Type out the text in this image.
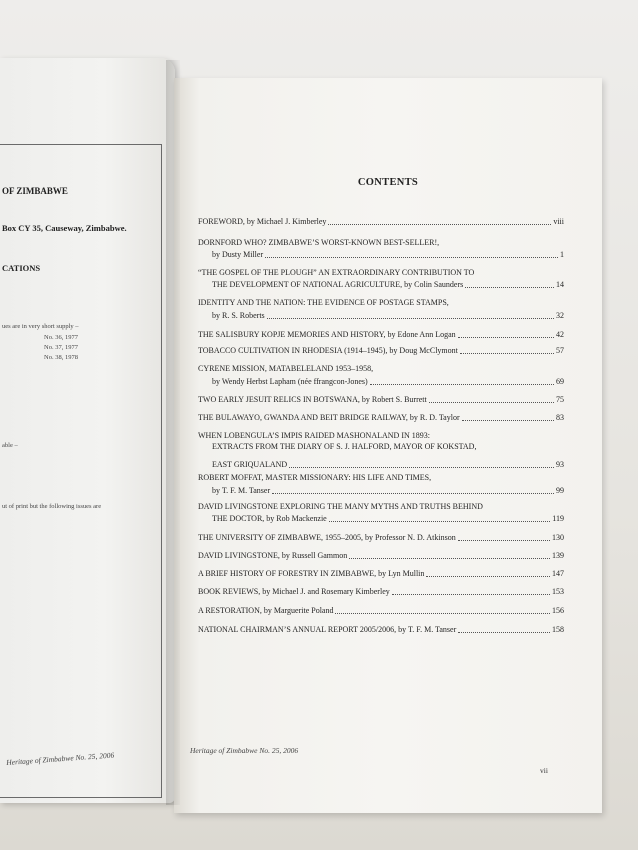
OF ZIMBABWE
Box CY 35, Causeway, Zimbabwe.
CATIONS
ues are in very short supply –
No. 36, 1977
No. 37, 1977
No. 38, 1978
able –
ut of print but the following issues are
Heritage of Zimbabwe No. 25, 2006
CONTENTS
FOREWORD, by Michael J. Kimberley	viii
DORNFORD WHO? ZIMBABWE’S WORST-KNOWN BEST-SELLER!,
by Dusty Miller	1
“THE GOSPEL OF THE PLOUGH” AN EXTRAORDINARY CONTRIBUTION TO
THE DEVELOPMENT OF NATIONAL AGRICULTURE, by Colin Saunders	14
IDENTITY AND THE NATION: THE EVIDENCE OF POSTAGE STAMPS,
by R. S. Roberts	32
THE SALISBURY KOPJE MEMORIES AND HISTORY, by Edone Ann Logan	42
TOBACCO CULTIVATION IN RHODESIA (1914–1945), by Doug McClymont	57
CYRENE MISSION, MATABELELAND 1953–1958,
by Wendy Herbst Lapham (née ffrangcon-Jones)	69
TWO EARLY JESUIT RELICS IN BOTSWANA, by Robert S. Burrett	75
THE BULAWAYO, GWANDA AND BEIT BRIDGE RAILWAY, by R. D. Taylor	83
WHEN LOBENGULA’S IMPIS RAIDED MASHONALAND IN 1893:
EXTRACTS FROM THE DIARY OF S. J. HALFORD, MAYOR OF KOKSTAD,
EAST GRIQUALAND	93
ROBERT MOFFAT, MASTER MISSIONARY: HIS LIFE AND TIMES,
by T. F. M. Tanser	99
DAVID LIVINGSTONE EXPLORING THE MANY MYTHS AND TRUTHS BEHIND
THE DOCTOR, by Rob Mackenzie	119
THE UNIVERSITY OF ZIMBABWE, 1955–2005, by Professor N. D. Atkinson	130
DAVID LIVINGSTONE, by Russell Gammon	139
A BRIEF HISTORY OF FORESTRY IN ZIMBABWE, by Lyn Mullin	147
BOOK REVIEWS, by Michael J. and Rosemary Kimberley	153
A RESTORATION, by Marguerite Poland	156
NATIONAL CHAIRMAN’S ANNUAL REPORT 2005/2006, by T. F. M. Tanser	158
Heritage of Zimbabwe No. 25, 2006
vii
